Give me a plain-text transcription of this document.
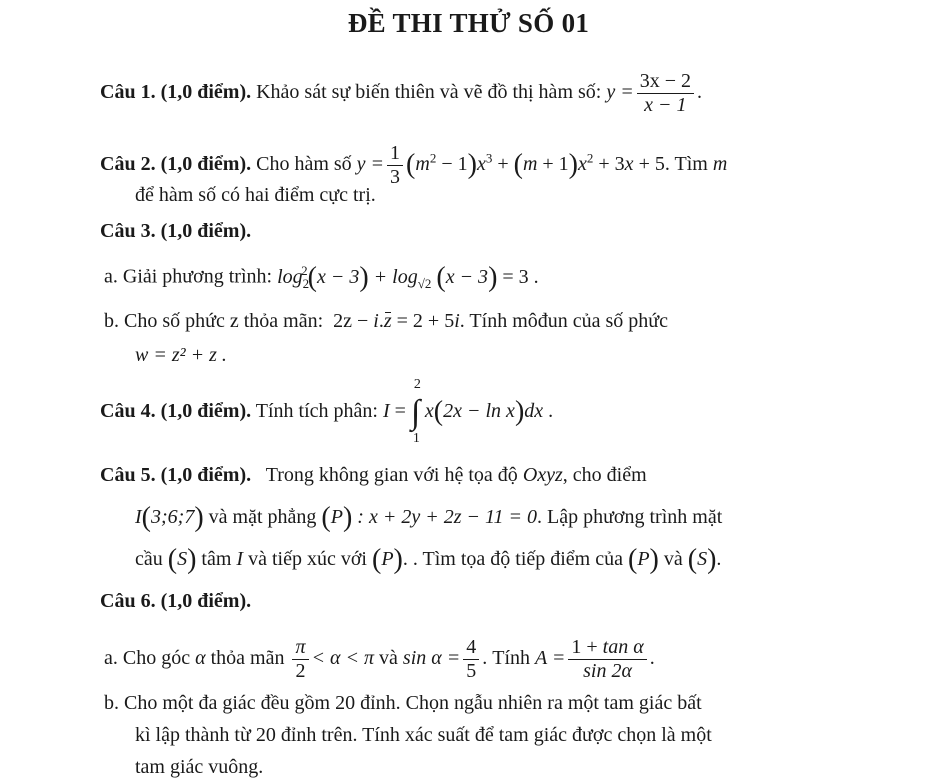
ĐỀ THI THỬ SỐ 01
Câu 1. (1,0 điểm). Khảo sát sự biến thiên và vẽ đồ thị hàm số: $y = \frac{3x - 2}{x - 1}$ .
Câu 2. (1,0 điểm). Cho hàm số $y = \frac{1}{3} (m^2 - 1)x^3 + (m + 1)x^2 + 3x + 5$. Tìm m
để hàm số có hai điểm cực trị.
Câu 3. (1,0 điểm).
a. Giải phương trình: $\log_2^2(x - 3) + \log_{√2} (x - 3) = 3$ .
b. Cho số phức z thỏa mãn:  2z − i.z = 2 + 5i. Tính môđun của số phức
w = z² + z .
Câu 4. (1,0 điểm). Tính tích phân: I =
2
∫
1
x(2x − ln x)dx .
Câu 5. (1,0 điểm). Trong không gian với hệ tọa độ Oxyz, cho điểm
I(3;6;7) và mặt phẳng (P) : x + 2y + 2z − 11 = 0. Lập phương trình mặt
cầu (S) tâm I và tiếp xúc với (P). . Tìm tọa độ tiếp điểm của (P) và (S).
Câu 6. (1,0 điểm).
a. Cho góc α thỏa mãn $\frac{\pi}{2} < \alpha < \pi$ và $\sin \alpha = \frac{4}{5}$ . Tính $A = \frac{\text{1 + tan α}}{\sin 2\alpha}$ .
b. Cho một đa giác đều gồm 20 đỉnh. Chọn ngẫu nhiên ra một tam giác bất
kì lập thành từ 20 đỉnh trên. Tính xác suất để tam giác được chọn là một
tam giác vuông.
